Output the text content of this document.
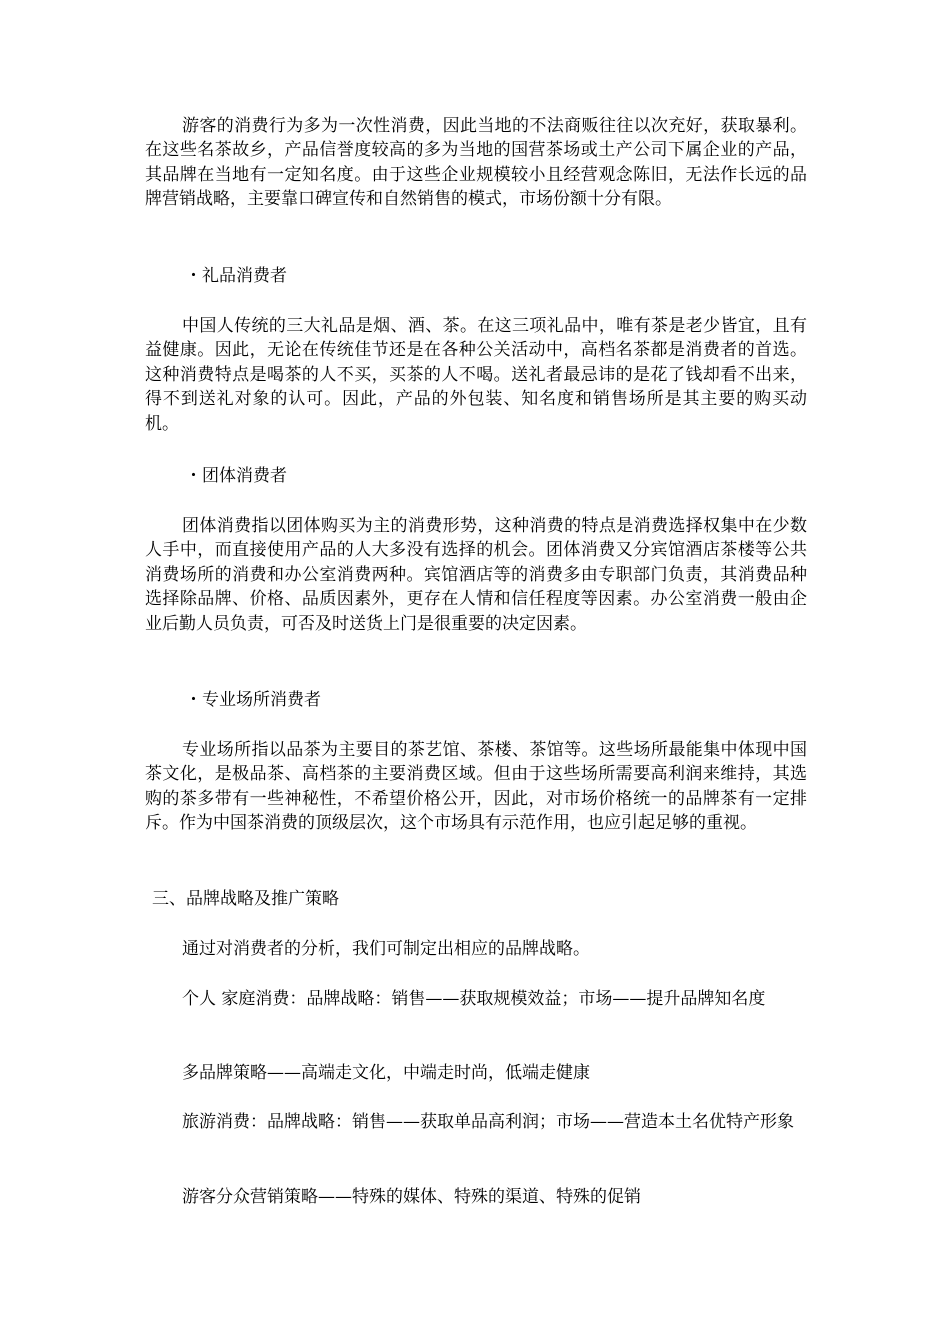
游客的消费行为多为一次性消费，因此当地的不法商贩往往以次充好，获取暴利。在这些名茶故乡，产品信誉度较高的多为当地的国营茶场或土产公司下属企业的产品，其品牌在当地有一定知名度。由于这些企业规模较小且经营观念陈旧，无法作长远的品牌营销战略，主要靠口碑宣传和自然销售的模式，市场份额十分有限。

・礼品消费者

中国人传统的三大礼品是烟、酒、茶。在这三项礼品中，唯有茶是老少皆宜，且有益健康。因此，无论在传统佳节还是在各种公关活动中，高档名茶都是消费者的首选。这种消费特点是喝茶的人不买，买茶的人不喝。送礼者最忌讳的是花了钱却看不出来，得不到送礼对象的认可。因此，产品的外包装、知名度和销售场所是其主要的购买动机。

・团体消费者

团体消费指以团体购买为主的消费形势，这种消费的特点是消费选择权集中在少数人手中，而直接使用产品的人大多没有选择的机会。团体消费又分宾馆酒店茶楼等公共消费场所的消费和办公室消费两种。宾馆酒店等的消费多由专职部门负责，其消费品种选择除品牌、价格、品质因素外，更存在人情和信任程度等因素。办公室消费一般由企业后勤人员负责，可否及时送货上门是很重要的决定因素。

・专业场所消费者

专业场所指以品茶为主要目的茶艺馆、茶楼、茶馆等。这些场所最能集中体现中国茶文化，是极品茶、高档茶的主要消费区域。但由于这些场所需要高利润来维持，其选购的茶多带有一些神秘性，不希望价格公开，因此，对市场价格统一的品牌茶有一定排斥。作为中国茶消费的顶级层次，这个市场具有示范作用，也应引起足够的重视。

三、品牌战略及推广策略

通过对消费者的分析，我们可制定出相应的品牌战略。

个人 家庭消费：品牌战略：销售——获取规模效益；市场——提升品牌知名度

多品牌策略——高端走文化，中端走时尚，低端走健康

旅游消费：品牌战略：销售——获取单品高利润；市场——营造本土名优特产形象

游客分众营销策略——特殊的媒体、特殊的渠道、特殊的促销
